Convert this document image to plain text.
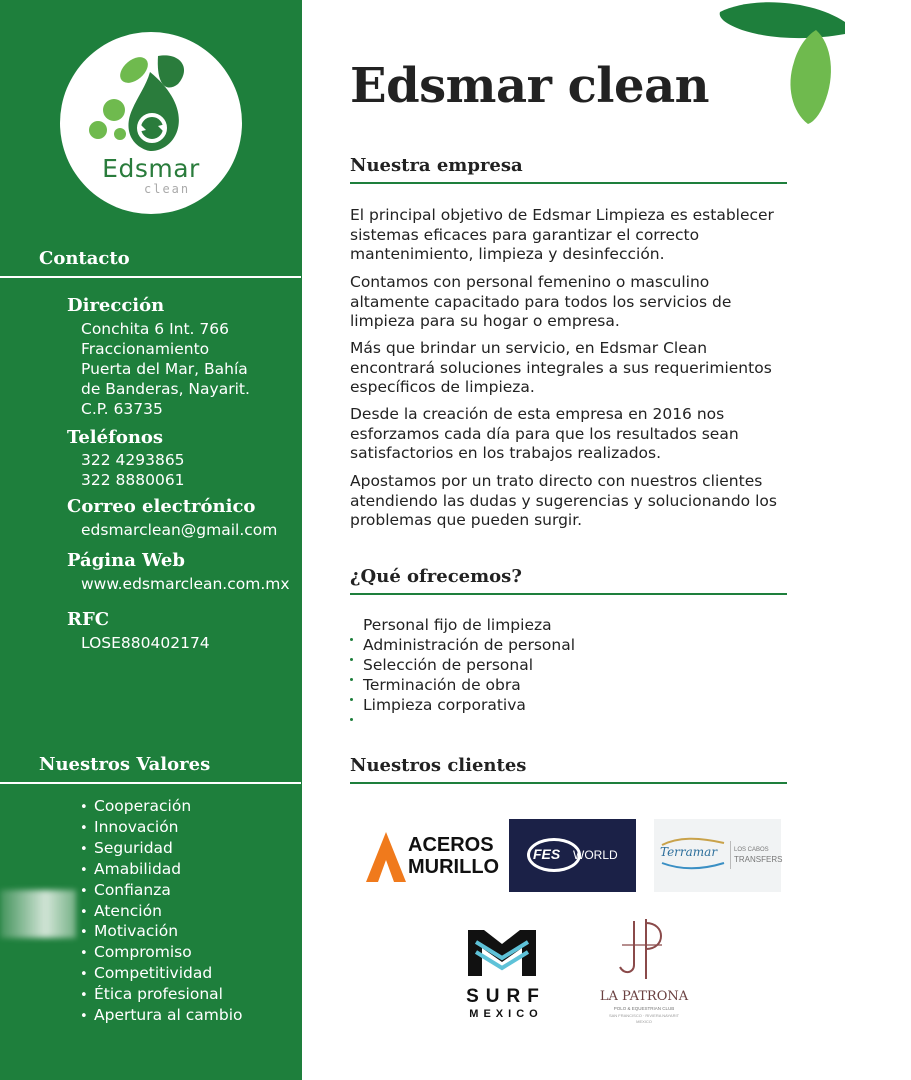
Edsmar
clean
Contacto
Dirección
Conchita 6 Int. 766
Fraccionamiento
Puerta del Mar, Bahía
de Banderas, Nayarit.
C.P. 63735
Teléfonos
322 4293865
322 8880061
Correo electrónico
edsmarclean@gmail.com
Página Web
www.edsmarclean.com.mx
RFC
LOSE880402174
Nuestros Valores
• Cooperación
• Innovación
• Seguridad
• Amabilidad
• Confianza
• Atención
• Motivación
• Compromiso
• Competitividad
• Ética profesional
• Apertura al cambio
Edsmar clean
Nuestra empresa
El principal objetivo de Edsmar Limpieza es establecer
sistemas eficaces para garantizar el correcto
mantenimiento, limpieza y desinfección.
Contamos con personal femenino o masculino
altamente capacitado para todos los servicios de
limpieza para su hogar o empresa.
Más que brindar un servicio, en Edsmar Clean
encontrará soluciones integrales a sus requerimientos
específicos de limpieza.
Desde la creación de esta empresa en 2016 nos
esforzamos cada día para que los resultados sean
satisfactorios en los trabajos realizados.
Apostamos por un trato directo con nuestros clientes
atendiendo las dudas y sugerencias y solucionando los
problemas que pueden surgir.
¿Qué ofrecemos?
Personal fijo de limpieza
Administración de personal
Selección de personal
Terminación de obra
Limpieza corporativa
Nuestros clientes
ACEROS
MURILLO
FES WORLD	Terramar	LOS CABOS
TRANSFERS
SURF
MEXICO
LA PATRONA
POLO & EQUESTRIAN CLUB
SAN FRANCISCO · RIVIERA NAYARIT
MEXICO
